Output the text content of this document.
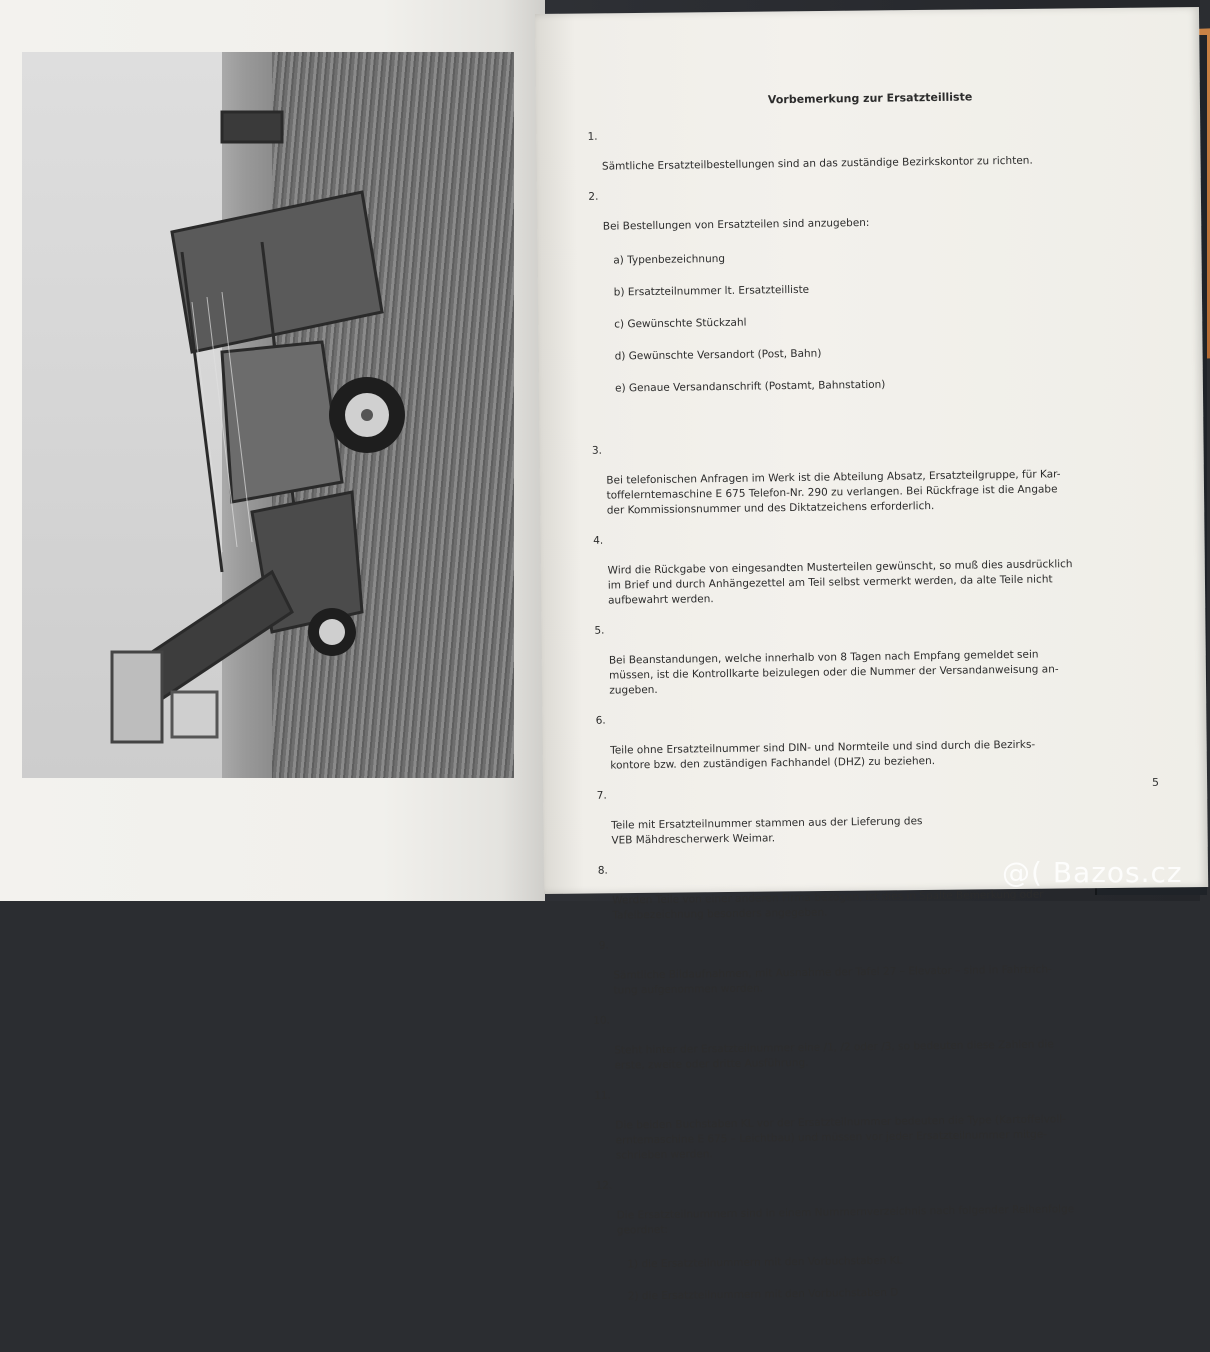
Vorbemerkung zur Ersatzteilliste

1.

Sämtliche Ersatzteilbestellungen sind an das zuständige Bezirkskontor zu richten.

2.

Bei Bestellungen von Ersatzteilen sind anzugeben:

a) Typenbezeichnung

b) Ersatzteilnummer lt. Ersatzteilliste

c) Gewünschte Stückzahl

d) Gewünschte Versandort (Post, Bahn)

e) Genaue Versandanschrift (Postamt, Bahnstation)

3.

Bei telefonischen Anfragen im Werk ist die Abteilung Absatz, Ersatzteilgruppe, für Kar-
toffelerntemaschine E 675 Telefon-Nr. 290 zu verlangen. Bei Rückfrage ist die Angabe
der Kommissionsnummer und des Diktatzeichens erforderlich.

4.

Wird die Rückgabe von eingesandten Musterteilen gewünscht, so muß dies ausdrücklich
im Brief und durch Anhängezettel am Teil selbst vermerkt werden, da alte Teile nicht
aufbewahrt werden.

5.

Bei Beanstandungen, welche innerhalb von 8 Tagen nach Empfang gemeldet sein
müssen, ist die Kontrollkarte beizulegen oder die Nummer der Versandanweisung an-
zugeben.

6.

Teile ohne Ersatzteilnummer sind DIN- und Normteile und sind durch die Bezirks-
kontore bzw. den zuständigen Fachhandel (DHZ) zu beziehen.

7.

Teile mit Ersatzteilnummer stammen aus der Lieferung des
VEB Mähdrescherwerk Weimar.

8.

Werden Teile von einer anderen Firma bezogen, ist dies in Spalte Bemerkung oder
Tafelbezeichnung besonders angegeben.

9.

Sämtliche Bildaufnahmen, mit Ausnahme der Tafel 27 – Elevator – sind in Fahrtrich-
tung aufgenommen worden.

10.

Steht hinter der Ersatzteilnummer eine /1, /2 oder /3, so bedeuten diese Zahlen die
erste, zweite oder dritte Ausführung.

11.

Die beiden Buchstaben KL vor der Ersatzteilnummer bedeuten die Type (Kartoffelvoll-
erntemaschine E 675 – Leichtbau) und müssen vor jeder Ersatzteilnummer mitge-
schrieben werden.

12.

Die Ersatzteilnummern sind in einem Nummernverzeichnis nach folgender Reihenfolge
geordnet:

1) die Ersatzteilnummern mit den Vorbuchstaben KL

2) die Ersatzteilnummern mit den Vorbuchstaben D

5
@( Bazos.cz
